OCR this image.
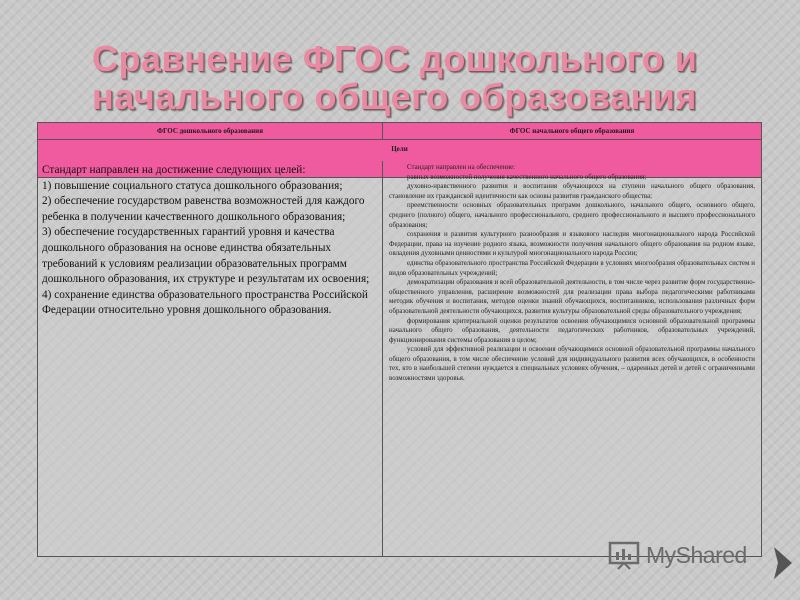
Сравнение ФГОС дошкольного и
начального общего образования
ФГОС дошкольного образования	ФГОС начального общего образования
Цели

Стандарт направлен на достижение следующих целей:

1) повышение социального статуса дошкольного образования;

2) обеспечение государством равенства возможностей для каждого ребенка в получении качественного дошкольного образования;

3) обеспечение государственных гарантий уровня и качества дошкольного образования на основе единства обязательных требований к условиям реализации образовательных программ дошкольного образования, их структуре и результатам их освоения;

4) сохранение единства образовательного пространства Российской Федерации относительно уровня дошкольного образования.

Стандарт направлен на обеспечение:

равных возможностей получения качественного начального общего образования;

духовно-нравственного развития и воспитания обучающихся на ступени начального общего образования, становление их гражданской идентичности как основы развития гражданского общества;

преемственности основных образовательных программ дошкольного, начального общего, основного общего, среднего (полного) общего, начального профессионального, среднего профессионального и высшего профессионального образования;

сохранения и развития культурного разнообразия и языкового наследия многонационального народа Российской Федерации, права на изучение родного языка, возможности получения начального общего образования на родном языке, овладения духовными ценностями и культурой многонационального народа России;

единства образовательного пространства Российской Федерации в условиях многообразия образовательных систем и видов образовательных учреждений;

демократизации образования и всей образовательной деятельности, в том числе через развитие форм государственно-общественного управления, расширение возможностей для реализации права выбора педагогическими работниками методик обучения и воспитания, методов оценки знаний обучающихся, воспитанников, использования различных форм образовательной деятельности обучающихся, развития культуры образовательной среды образовательного учреждения;

формирования критериальной оценки результатов освоения обучающимися основной образовательной программы начального общего образования, деятельности педагогических работников, образовательных учреждений, функционирования системы образования в целом;

условий для эффективной реализации и освоения обучающимися основной образовательной программы начального общего образования, в том числе обеспечение условий для индивидуального развития всех обучающихся, в особенности тех, кто в наибольшей степени нуждается в специальных условиях обучения, – одаренных детей и детей с ограниченными возможностями здоровья.

MyShared
